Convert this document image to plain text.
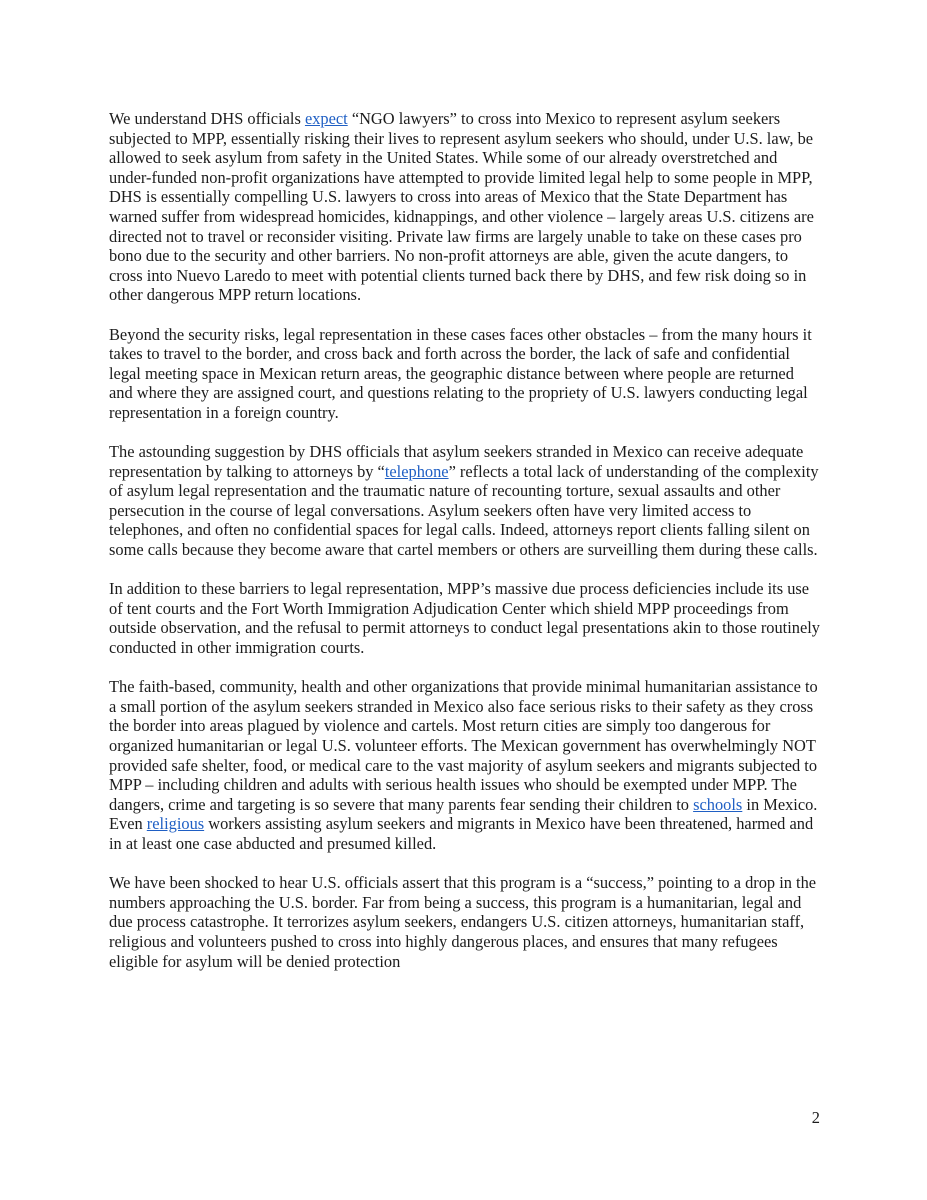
We understand DHS officials expect “NGO lawyers” to cross into Mexico to represent asylum seekers subjected to MPP, essentially risking their lives to represent asylum seekers who should, under U.S. law, be allowed to seek asylum from safety in the United States. While some of our already overstretched and under-funded non-profit organizations have attempted to provide limited legal help to some people in MPP, DHS is essentially compelling U.S. lawyers to cross into areas of Mexico that the State Department has warned suffer from widespread homicides, kidnappings, and other violence – largely areas U.S. citizens are directed not to travel or reconsider visiting. Private law firms are largely unable to take on these cases pro bono due to the security and other barriers. No non-profit attorneys are able, given the acute dangers, to cross into Nuevo Laredo to meet with potential clients turned back there by DHS, and few risk doing so in other dangerous MPP return locations.

Beyond the security risks, legal representation in these cases faces other obstacles – from the many hours it takes to travel to the border, and cross back and forth across the border, the lack of safe and confidential legal meeting space in Mexican return areas, the geographic distance between where people are returned and where they are assigned court, and questions relating to the propriety of U.S. lawyers conducting legal representation in a foreign country.

The astounding suggestion by DHS officials that asylum seekers stranded in Mexico can receive adequate representation by talking to attorneys by “telephone” reflects a total lack of understanding of the complexity of asylum legal representation and the traumatic nature of recounting torture, sexual assaults and other persecution in the course of legal conversations. Asylum seekers often have very limited access to telephones, and often no confidential spaces for legal calls. Indeed, attorneys report clients falling silent on some calls because they become aware that cartel members or others are surveilling them during these calls.

In addition to these barriers to legal representation, MPP’s massive due process deficiencies include its use of tent courts and the Fort Worth Immigration Adjudication Center which shield MPP proceedings from outside observation, and the refusal to permit attorneys to conduct legal presentations akin to those routinely conducted in other immigration courts.

The faith-based, community, health and other organizations that provide minimal humanitarian assistance to a small portion of the asylum seekers stranded in Mexico also face serious risks to their safety as they cross the border into areas plagued by violence and cartels. Most return cities are simply too dangerous for organized humanitarian or legal U.S. volunteer efforts. The Mexican government has overwhelmingly NOT provided safe shelter, food, or medical care to the vast majority of asylum seekers and migrants subjected to MPP – including children and adults with serious health issues who should be exempted under MPP. The dangers, crime and targeting is so severe that many parents fear sending their children to schools in Mexico. Even religious workers assisting asylum seekers and migrants in Mexico have been threatened, harmed and in at least one case abducted and presumed killed.

We have been shocked to hear U.S. officials assert that this program is a “success,” pointing to a drop in the numbers approaching the U.S. border. Far from being a success, this program is a humanitarian, legal and due process catastrophe. It terrorizes asylum seekers, endangers U.S. citizen attorneys, humanitarian staff, religious and volunteers pushed to cross into highly dangerous places, and ensures that many refugees eligible for asylum will be denied protection

2
